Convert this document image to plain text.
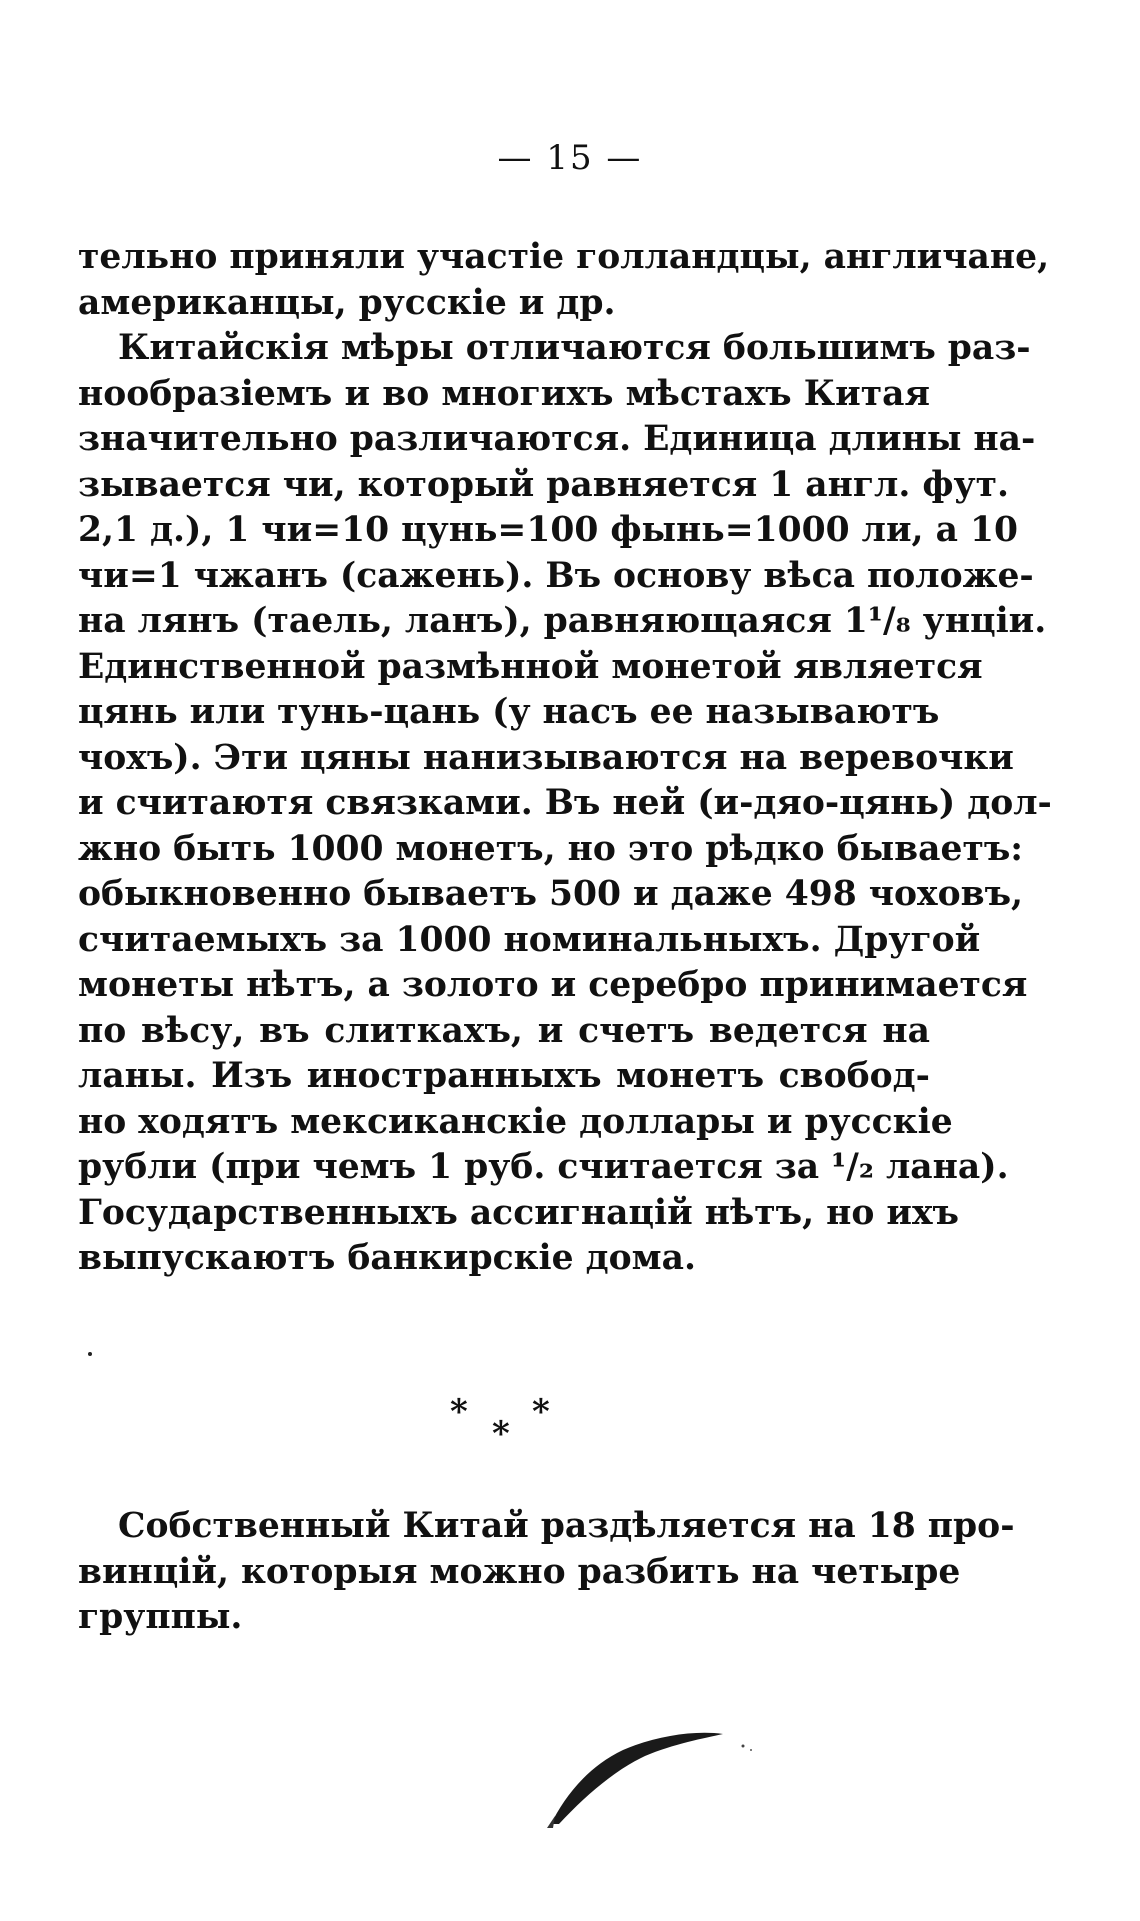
— 15 —
тельно приняли участіе голландцы, англичане,
американцы, русскіе и др.
Китайскія мѣры отличаются большимъ раз-
нообразіемъ и во многихъ мѣстахъ Китая
значительно различаются. Единица длины на-
зывается чи, который равняется 1 англ. фут.
2,1 д.), 1 чи=10 цунь=100 фынь=1000 ли, а 10
чи=1 чжанъ (сажень). Въ основу вѣса положе-
на лянъ (таель, ланъ), равняющаяся 1¹/₈ унціи.
Единственной размѣнной монетой является
цянь или тунь-цань (у насъ ее называютъ
чохъ). Эти цяны нанизываются на веревочки
и считаютя связками. Въ ней (и-дяо-цянь) дол-
жно быть 1000 монетъ, но это рѣдко бываетъ:
обыкновенно бываетъ 500 и даже 498 чоховъ,
считаемыхъ за 1000 номинальныхъ. Другой
монеты нѣтъ, а золото и серебро принимается
по вѣсу, въ слиткахъ, и счетъ ведется на
ланы. Изъ иностранныхъ монетъ свобод-
но ходятъ мексиканскіе доллары и русскіе
рубли (при чемъ 1 руб. считается за ¹/₂ лана).
Государственныхъ ассигнацій нѣтъ, но ихъ
выпускаютъ банкирскіе дома.
*
*
*
Собственный Китай раздѣляется на 18 про-
винцій, которыя можно разбить на четыре
группы.
